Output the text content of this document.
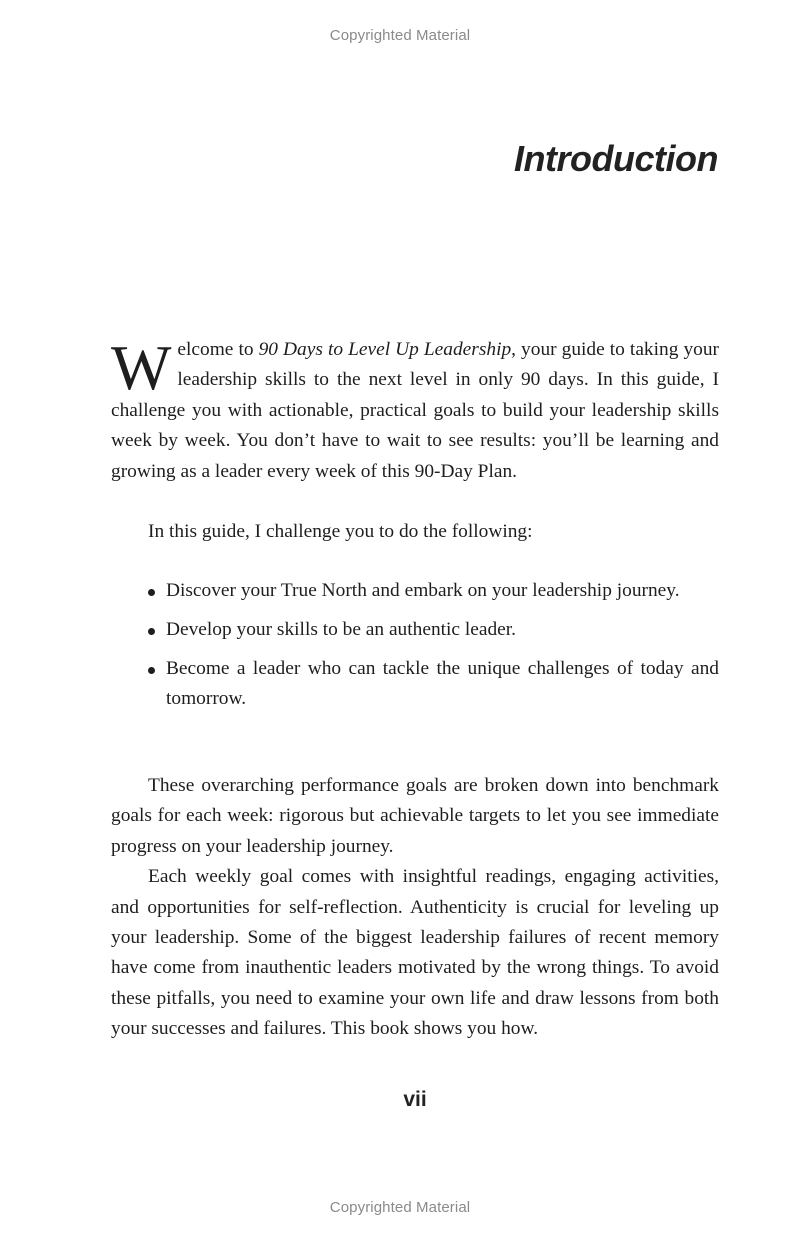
Copyrighted Material
Introduction

Welcome to 90 Days to Level Up Leadership, your guide to taking your leadership skills to the next level in only 90 days. In this guide, I challenge you with actionable, practical goals to build your leadership skills week by week. You don’t have to wait to see results: you’ll be learning and growing as a leader every week of this 90-Day Plan.

In this guide, I challenge you to do the following:

Discover your True North and embark on your leadership journey.
Develop your skills to be an authentic leader.
Become a leader who can tackle the unique challenges of today and tomorrow.

These overarching performance goals are broken down into benchmark goals for each week: rigorous but achievable targets to let you see immediate progress on your leadership journey.

Each weekly goal comes with insightful readings, engaging activities, and opportunities for self-reflection. Authenticity is crucial for leveling up your leadership. Some of the biggest leadership failures of recent memory have come from inauthentic leaders motivated by the wrong things. To avoid these pitfalls, you need to examine your own life and draw lessons from both your successes and failures. This book shows you how.

vii
Copyrighted Material
